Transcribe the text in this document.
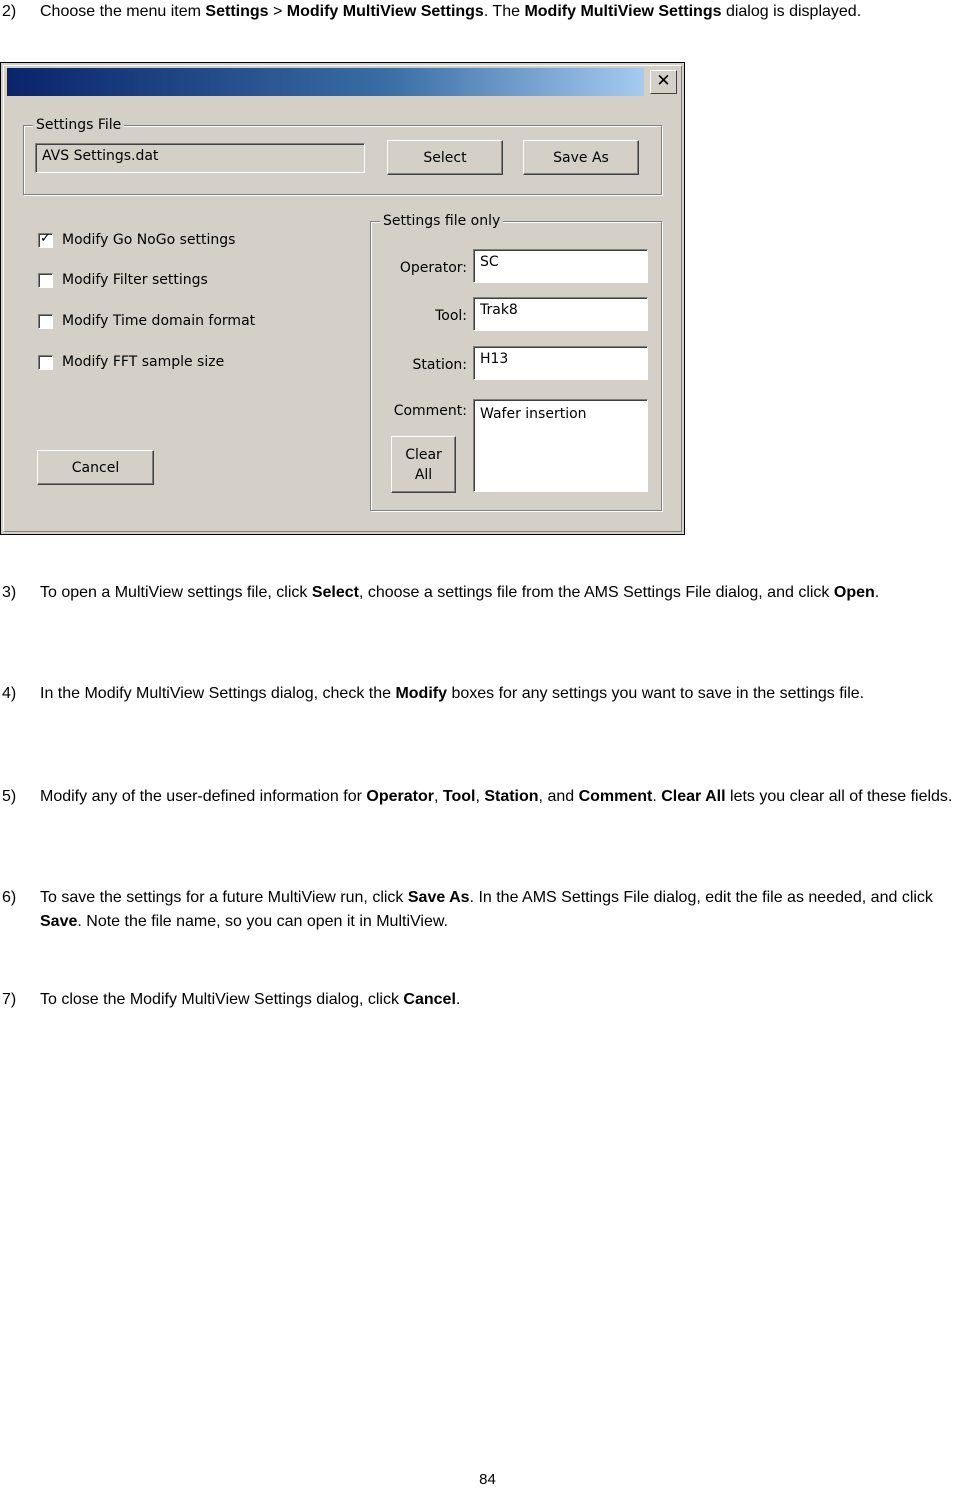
2) Choose the menu item Settings > Modify MultiView Settings. The Modify MultiView Settings dialog is displayed.
✕
Settings File
AVS Settings.dat	Select	Save As
✓ Modify Go NoGo settings
Modify Filter settings
Modify Time domain format
Modify FFT sample size
Cancel
Settings file only
Operator: SC
Tool: Trak8
Station: H13
Comment: Wafer insertion
Clear
All
3) To open a MultiView settings file, click Select, choose a settings file from the AMS Settings File dialog, and click Open.
4) In the Modify MultiView Settings dialog, check the Modify boxes for any settings you want to save in the settings file.
5) Modify any of the user-defined information for Operator, Tool, Station, and Comment. Clear All lets you clear all of these fields.
6) To save the settings for a future MultiView run, click Save As. In the AMS Settings File dialog, edit the file as needed, and click Save. Note the file name, so you can open it in MultiView.
7) To close the Modify MultiView Settings dialog, click Cancel.
84
